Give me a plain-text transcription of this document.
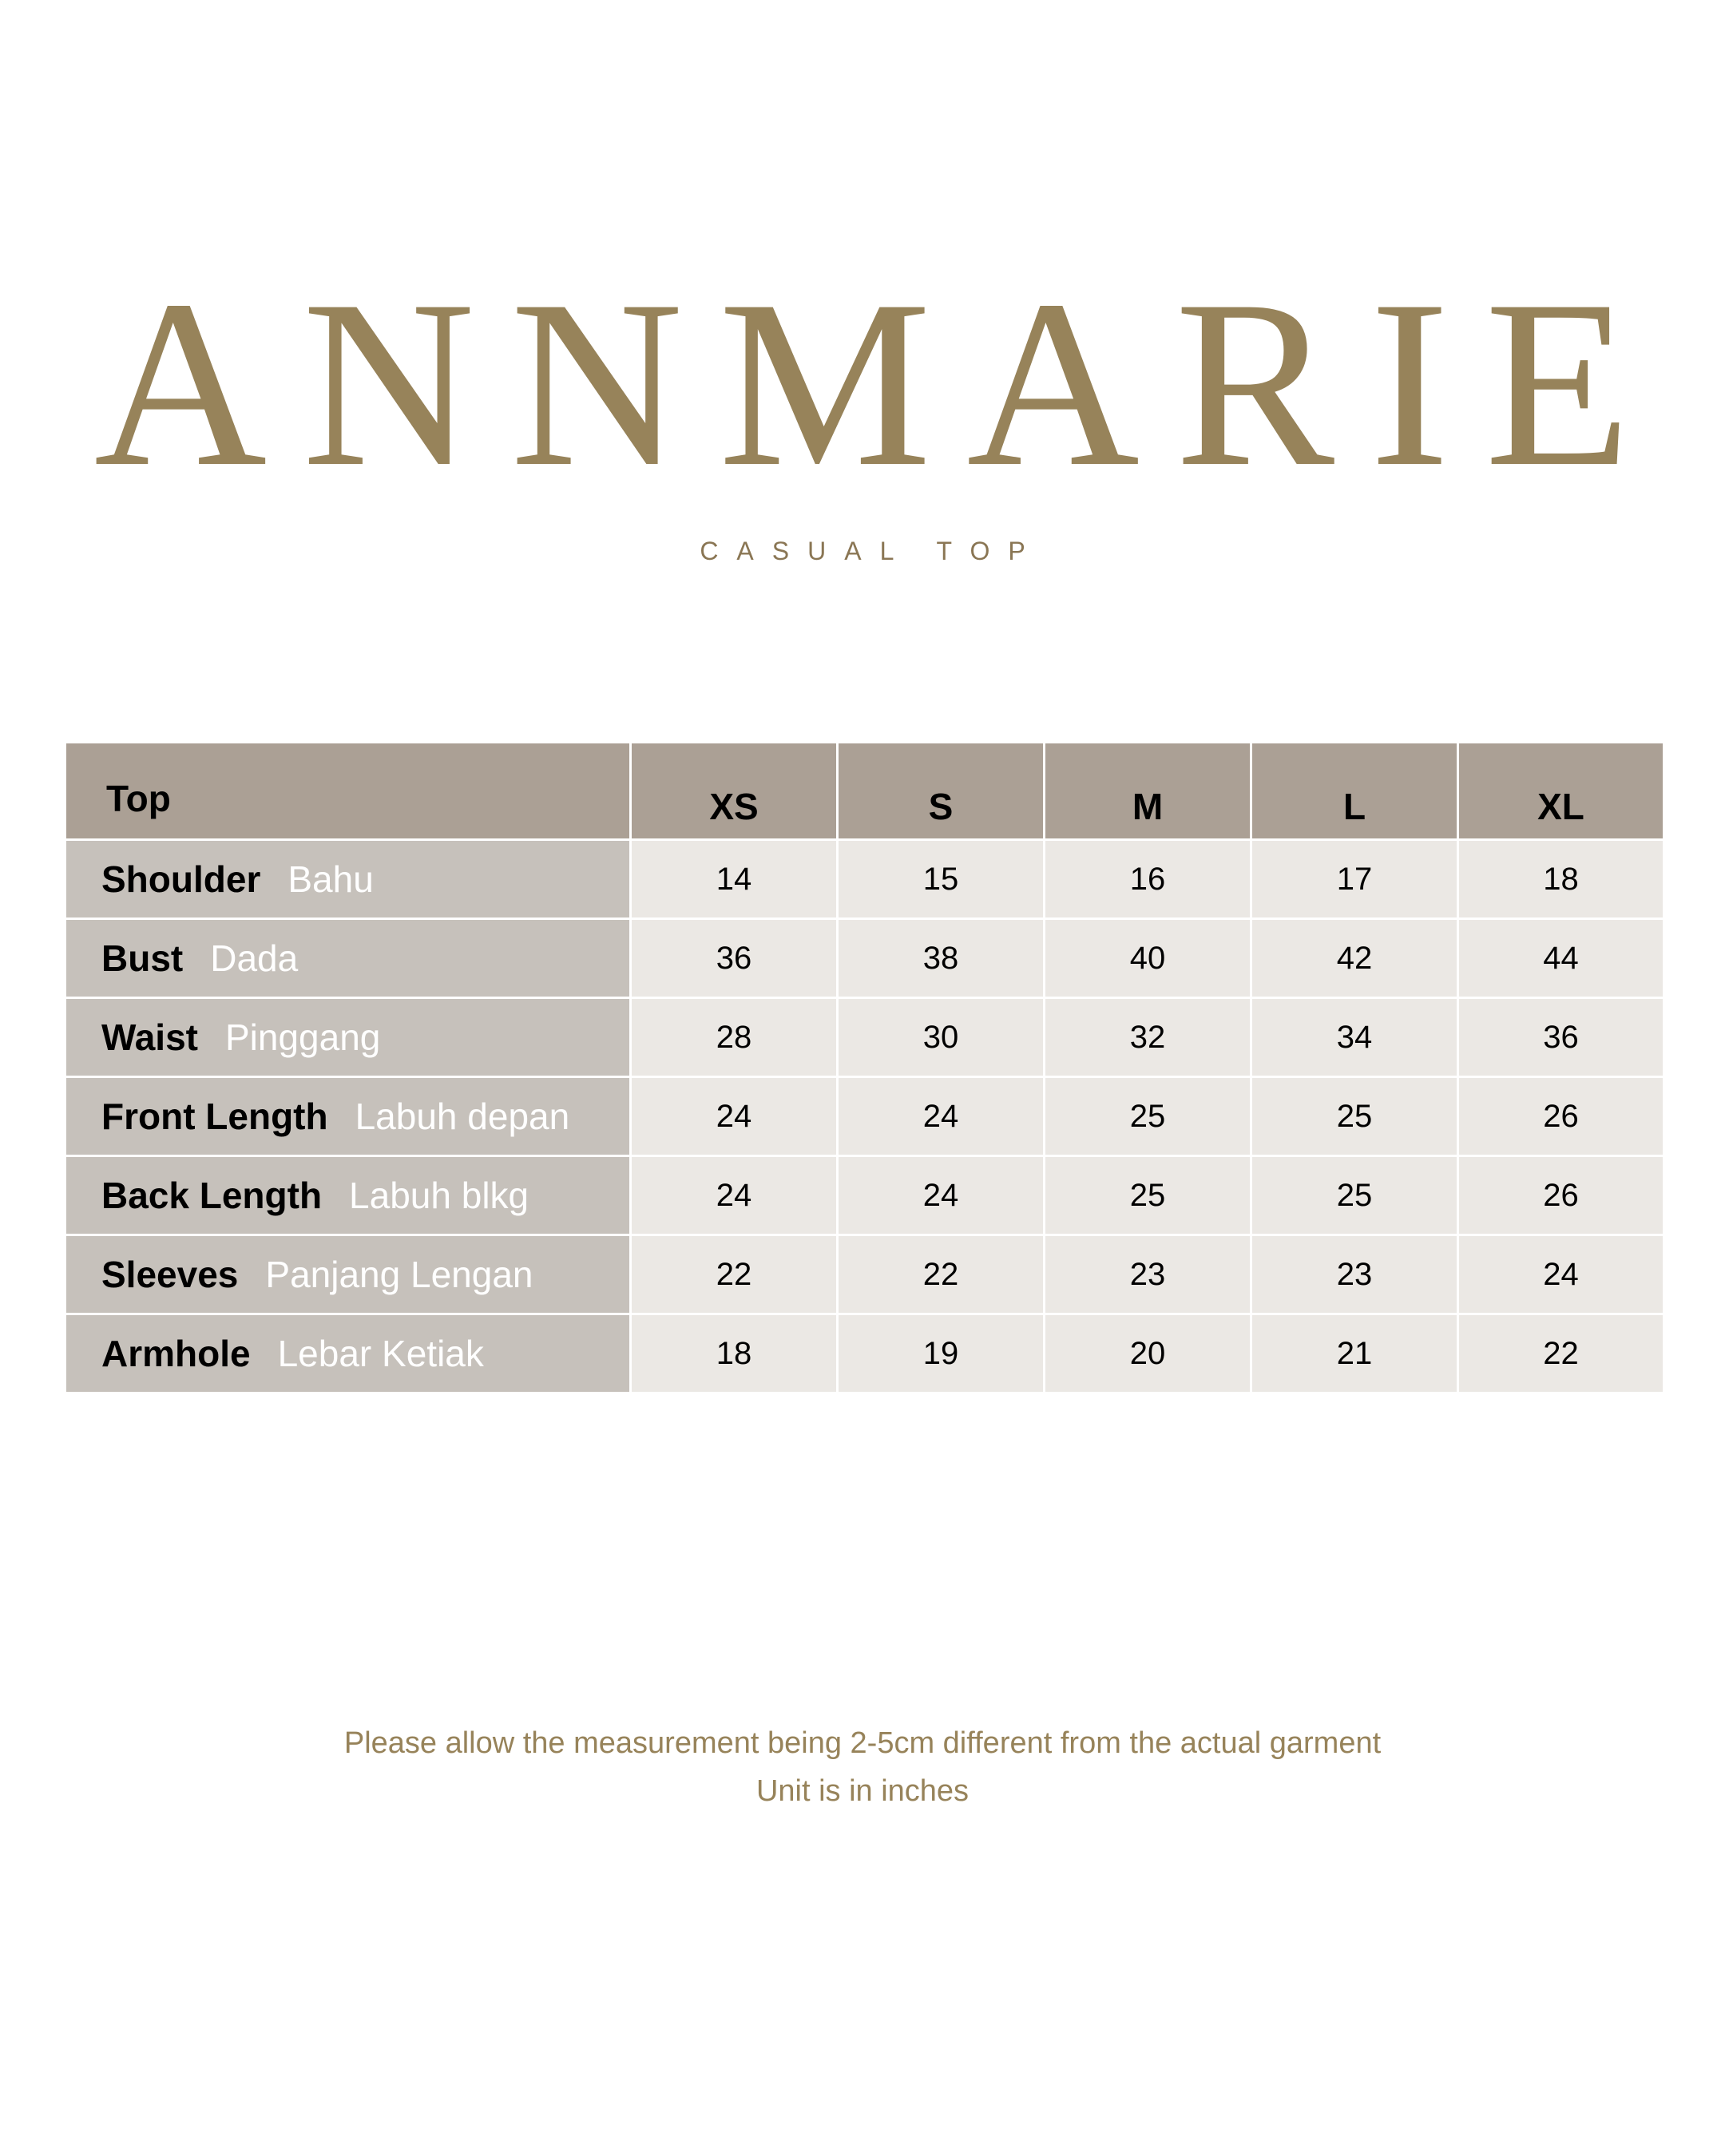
ANNMARIE
CASUAL TOP
Top	XS	S	M	L	XL
Shoulder Bahu	14	15	16	17	18
Bust Dada	36	38	40	42	44
Waist Pinggang	28	30	32	34	36
Front Length Labuh depan	24	24	25	25	26
Back Length Labuh blkg	24	24	25	25	26
Sleeves Panjang Lengan	22	22	23	23	24
Armhole Lebar Ketiak	18	19	20	21	22
Please allow the measurement being 2-5cm different from the actual garment
Unit is in inches
